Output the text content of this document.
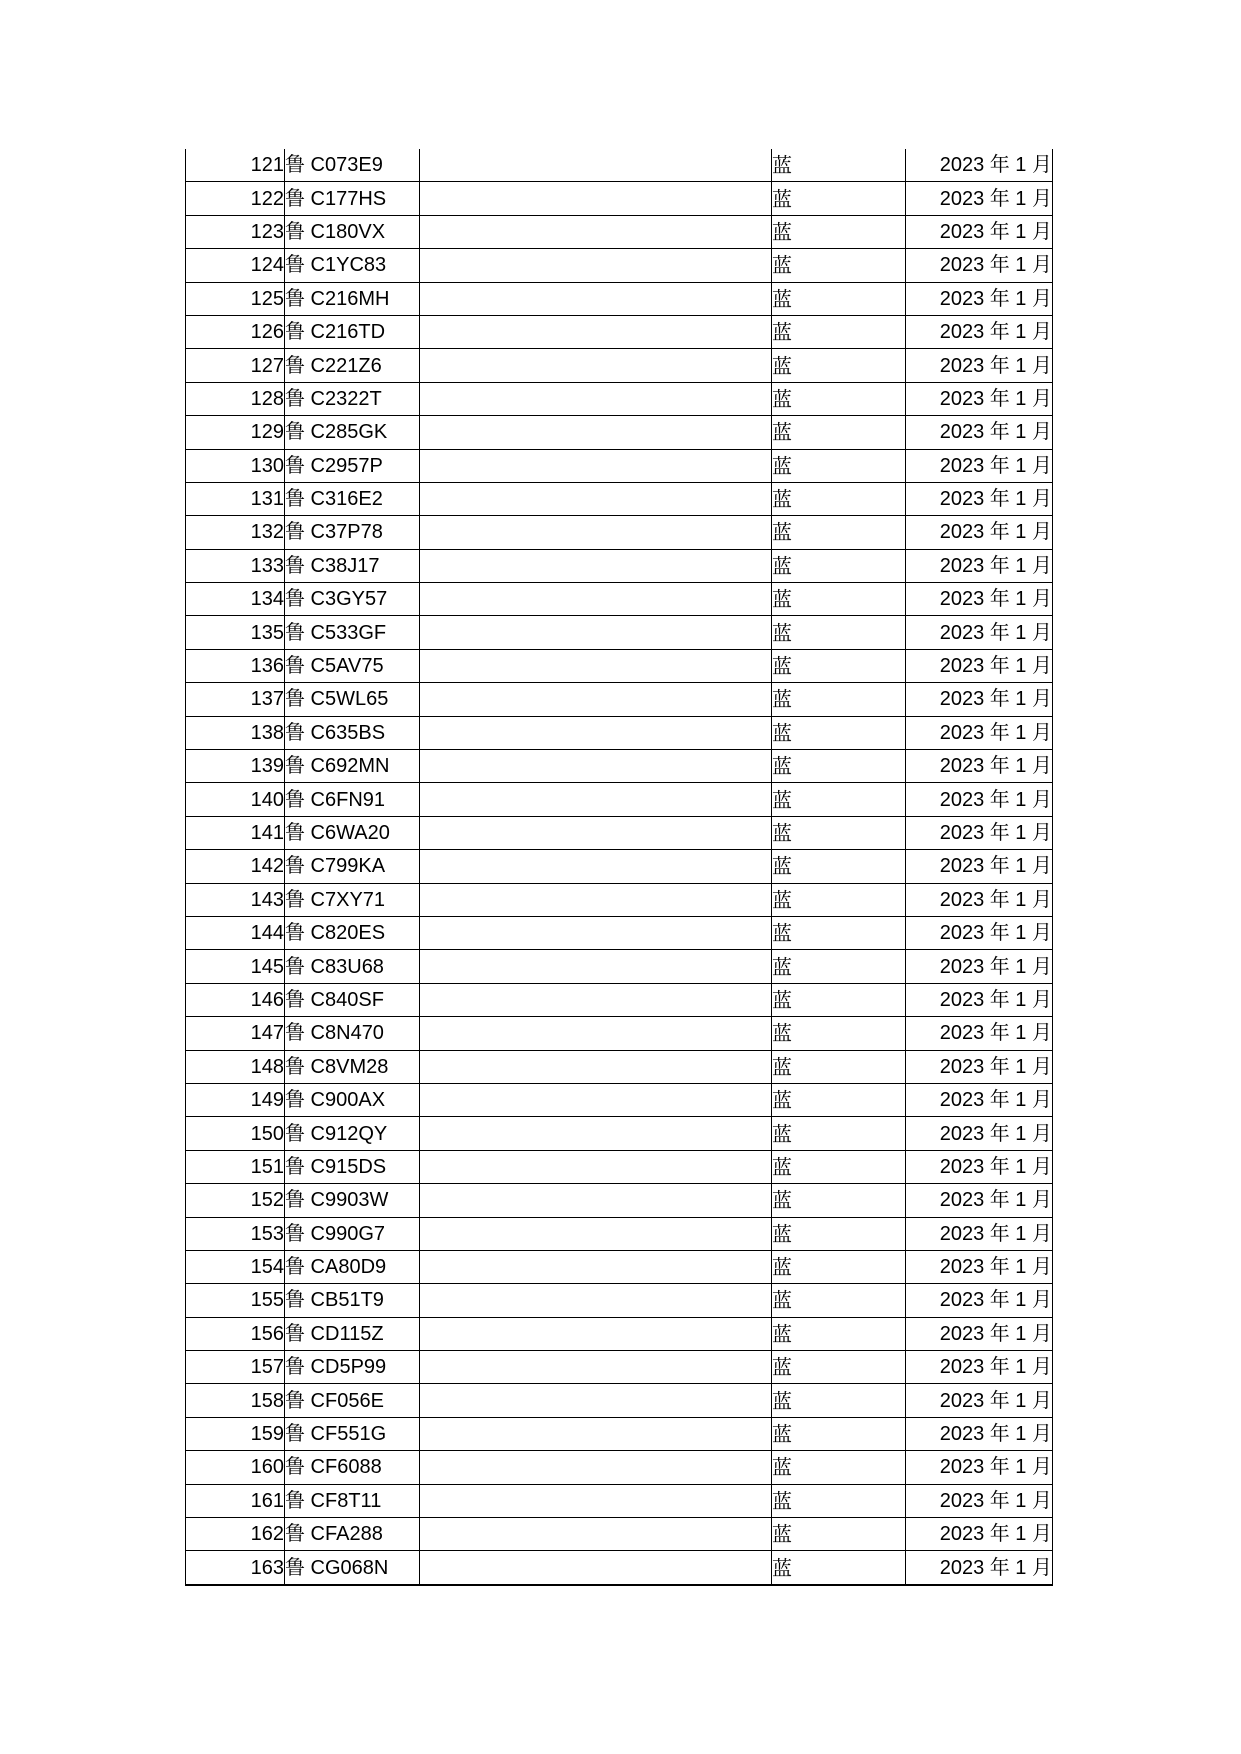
121	鲁 C073E9		蓝	2023 年 1 月
122	鲁 C177HS		蓝	2023 年 1 月
123	鲁 C180VX		蓝	2023 年 1 月
124	鲁 C1YC83		蓝	2023 年 1 月
125	鲁 C216MH		蓝	2023 年 1 月
126	鲁 C216TD		蓝	2023 年 1 月
127	鲁 C221Z6		蓝	2023 年 1 月
128	鲁 C2322T		蓝	2023 年 1 月
129	鲁 C285GK		蓝	2023 年 1 月
130	鲁 C2957P		蓝	2023 年 1 月
131	鲁 C316E2		蓝	2023 年 1 月
132	鲁 C37P78		蓝	2023 年 1 月
133	鲁 C38J17		蓝	2023 年 1 月
134	鲁 C3GY57		蓝	2023 年 1 月
135	鲁 C533GF		蓝	2023 年 1 月
136	鲁 C5AV75		蓝	2023 年 1 月
137	鲁 C5WL65		蓝	2023 年 1 月
138	鲁 C635BS		蓝	2023 年 1 月
139	鲁 C692MN		蓝	2023 年 1 月
140	鲁 C6FN91		蓝	2023 年 1 月
141	鲁 C6WA20		蓝	2023 年 1 月
142	鲁 C799KA		蓝	2023 年 1 月
143	鲁 C7XY71		蓝	2023 年 1 月
144	鲁 C820ES		蓝	2023 年 1 月
145	鲁 C83U68		蓝	2023 年 1 月
146	鲁 C840SF		蓝	2023 年 1 月
147	鲁 C8N470		蓝	2023 年 1 月
148	鲁 C8VM28		蓝	2023 年 1 月
149	鲁 C900AX		蓝	2023 年 1 月
150	鲁 C912QY		蓝	2023 年 1 月
151	鲁 C915DS		蓝	2023 年 1 月
152	鲁 C9903W		蓝	2023 年 1 月
153	鲁 C990G7		蓝	2023 年 1 月
154	鲁 CA80D9		蓝	2023 年 1 月
155	鲁 CB51T9		蓝	2023 年 1 月
156	鲁 CD115Z		蓝	2023 年 1 月
157	鲁 CD5P99		蓝	2023 年 1 月
158	鲁 CF056E		蓝	2023 年 1 月
159	鲁 CF551G		蓝	2023 年 1 月
160	鲁 CF6088		蓝	2023 年 1 月
161	鲁 CF8T11		蓝	2023 年 1 月
162	鲁 CFA288		蓝	2023 年 1 月
163	鲁 CG068N		蓝	2023 年 1 月
